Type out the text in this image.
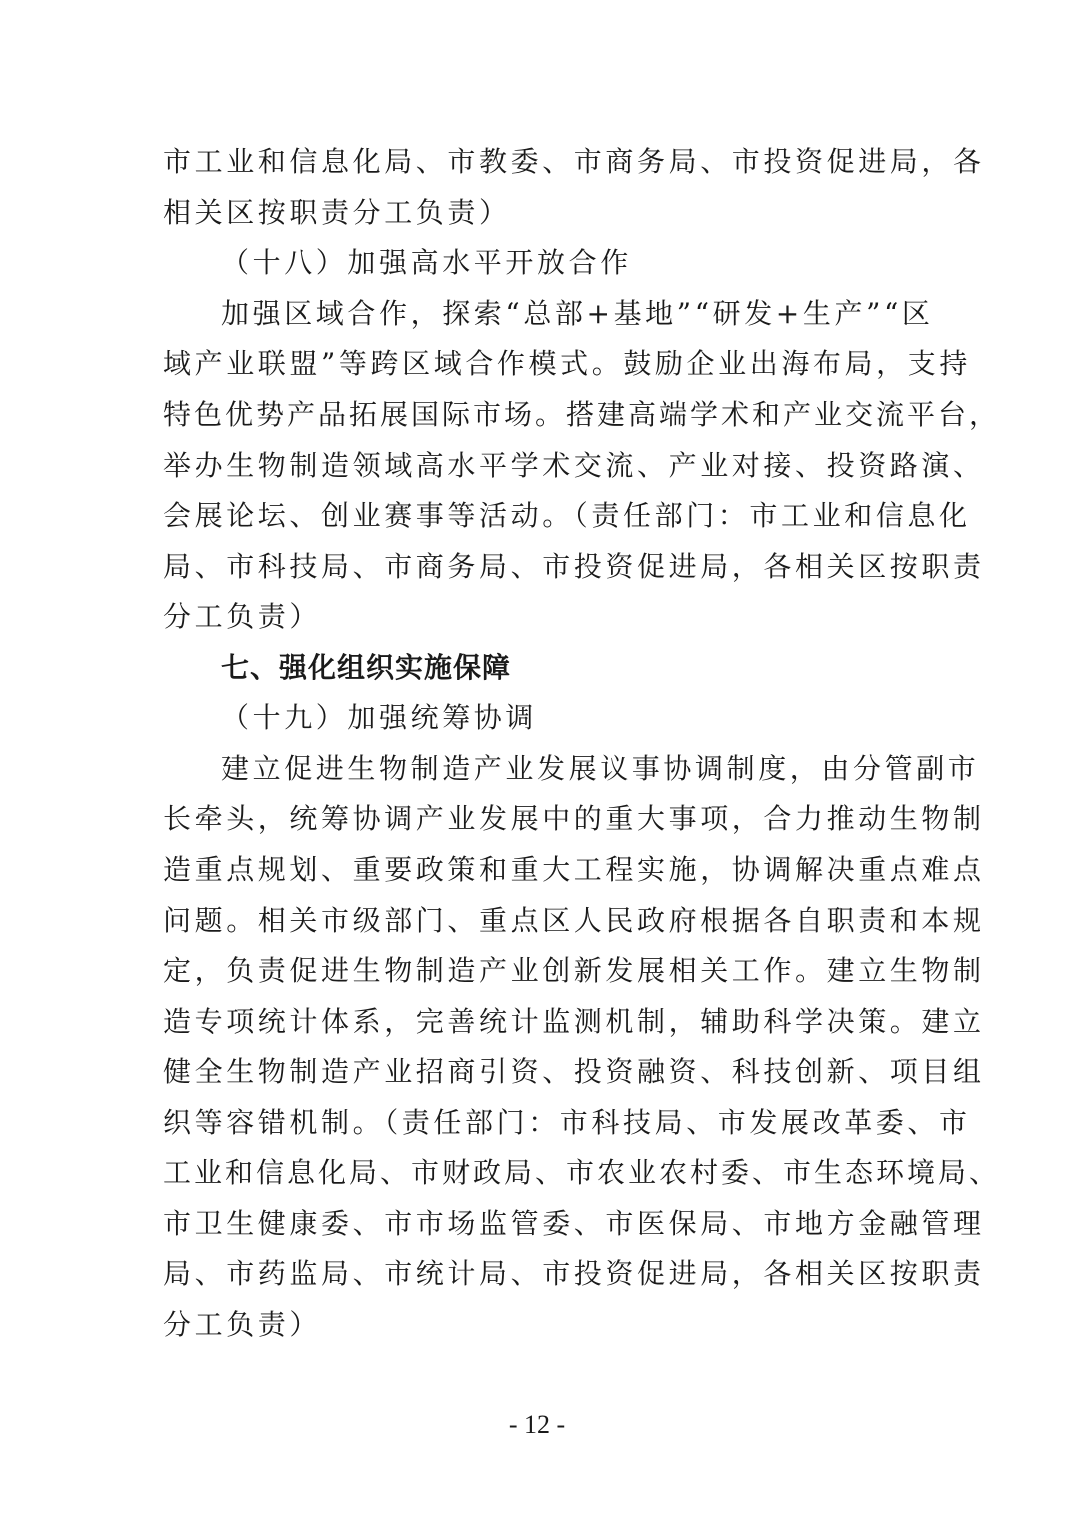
市工业和信息化局、市教委、市商务局、市投资促进局，各
相关区按职责分工负责）
（十八）加强高水平开放合作
加强区域合作，探索“总部+基地”“研发+生产”“区
域产业联盟”等跨区域合作模式。鼓励企业出海布局，支持
特色优势产品拓展国际市场。搭建高端学术和产业交流平台，
举办生物制造领域高水平学术交流、产业对接、投资路演、
会展论坛、创业赛事等活动。（责任部门：市工业和信息化
局、市科技局、市商务局、市投资促进局，各相关区按职责
分工负责）
七、强化组织实施保障
（十九）加强统筹协调
建立促进生物制造产业发展议事协调制度，由分管副市
长牵头，统筹协调产业发展中的重大事项，合力推动生物制
造重点规划、重要政策和重大工程实施，协调解决重点难点
问题。相关市级部门、重点区人民政府根据各自职责和本规
定，负责促进生物制造产业创新发展相关工作。建立生物制
造专项统计体系，完善统计监测机制，辅助科学决策。建立
健全生物制造产业招商引资、投资融资、科技创新、项目组
织等容错机制。（责任部门：市科技局、市发展改革委、市
工业和信息化局、市财政局、市农业农村委、市生态环境局、
市卫生健康委、市市场监管委、市医保局、市地方金融管理
局、市药监局、市统计局、市投资促进局，各相关区按职责
分工负责）
- 12 -
